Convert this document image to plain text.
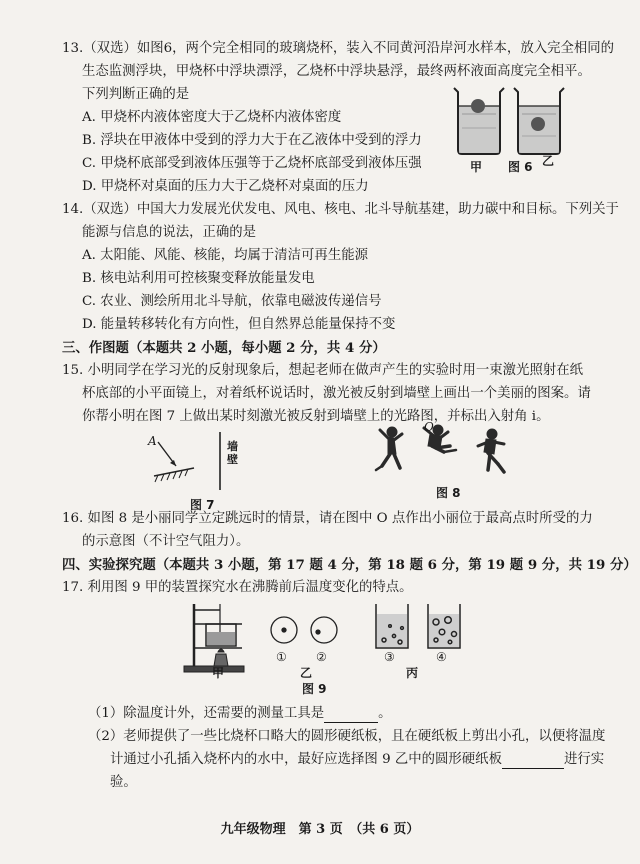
13.（双选）如图6，两个完全相同的玻璃烧杯，装入不同黄河沿岸河水样本，放入完全相同的
生态监测浮块，甲烧杯中浮块漂浮，乙烧杯中浮块悬浮，最终两杯液面高度完全相平。
下列判断正确的是
A. 甲烧杯内液体密度大于乙烧杯内液体密度
B. 浮块在甲液体中受到的浮力大于在乙液体中受到的浮力
C. 甲烧杯底部受到液体压强等于乙烧杯底部受到液体压强
D. 甲烧杯对桌面的压力大于乙烧杯对桌面的压力
甲 图 6 乙
14.（双选）中国大力发展光伏发电、风电、核电、北斗导航基建，助力碳中和目标。下列关于
能源与信息的说法，正确的是
A. 太阳能、风能、核能，均属于清洁可再生能源
B. 核电站利用可控核聚变释放能量发电
C. 农业、测绘所用北斗导航，依靠电磁波传递信号
D. 能量转移转化有方向性，但自然界总能量保持不变
三、作图题（本题共 2 小题，每小题 2 分，共 4 分）
15. 小明同学在学习光的反射现象后，想起老师在做声产生的实验时用一束激光照射在纸
杯底部的小平面镜上，对着纸杯说话时，激光被反射到墙壁上画出一个美丽的图案。请
你帮小明在图 7 上做出某时刻激光被反射到墙壁上的光路图，并标出入射角 i。
A	墙壁
图 7
O
图 8
16. 如图 8 是小丽同学立定跳远时的情景，请在图中 O 点作出小丽位于最高点时所受的力
的示意图（不计空气阻力）。
四、实验探究题（本题共 3 小题，第 17 题 4 分，第 18 题 6 分，第 19 题 9 分，共 19 分）
17. 利用图 9 甲的装置探究水在沸腾前后温度变化的特点。
① ②	③	④
甲	乙	丙
图 9
（1）除温度计外，还需要的测量工具是	。
（2）老师提供了一些比烧杯口略大的圆形硬纸板，且在硬纸板上剪出小孔，以便将温度
计通过小孔插入烧杯内的水中，最好应选择图 9 乙中的圆形硬纸板	进行实
验。
九年级物理　第 3 页　（共 6 页）
